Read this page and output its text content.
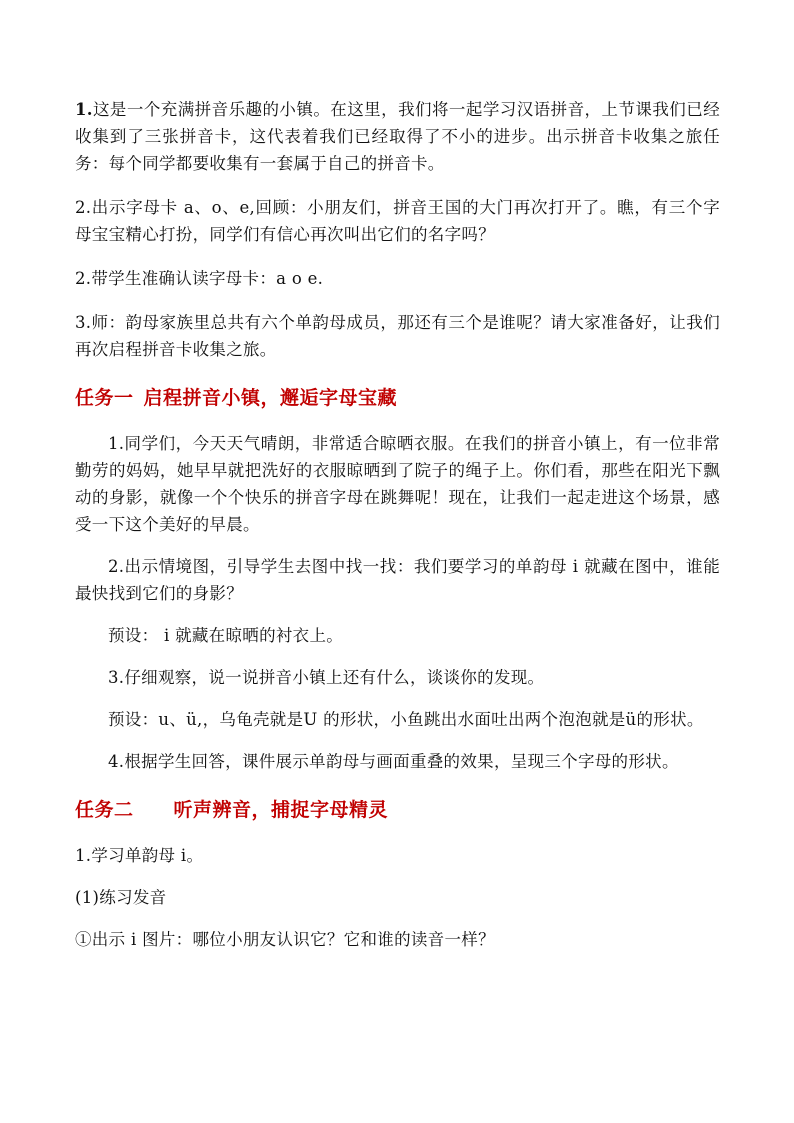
1.这是一个充满拼音乐趣的小镇。在这里，我们将一起学习汉语拼音，上节课我们已经收集到了三张拼音卡，这代表着我们已经取得了不小的进步。出示拼音卡收集之旅任务：每个同学都要收集有一套属于自己的拼音卡。

2.出示字母卡 a、o、e,回顾：小朋友们，拼音王国的大门再次打开了。瞧，有三个字母宝宝精心打扮，同学们有信心再次叫出它们的名字吗？

2.带学生准确认读字母卡：a o e.

3.师：韵母家族里总共有六个单韵母成员，那还有三个是谁呢？请大家准备好，让我们再次启程拼音卡收集之旅。

任务一 启程拼音小镇，邂逅字母宝藏

1.同学们，今天天气晴朗，非常适合晾晒衣服。在我们的拼音小镇上，有一位非常勤劳的妈妈，她早早就把洗好的衣服晾晒到了院子的绳子上。你们看，那些在阳光下飘动的身影，就像一个个快乐的拼音字母在跳舞呢！现在，让我们一起走进这个场景，感受一下这个美好的早晨。

2.出示情境图，引导学生去图中找一找：我们要学习的单韵母 i 就藏在图中，谁能最快找到它们的身影？

预设： i 就藏在晾晒的衬衣上。

3.仔细观察，说一说拼音小镇上还有什么，谈谈你的发现。

预设：u、ü,，乌龟壳就是U 的形状，小鱼跳出水面吐出两个泡泡就是ü的形状。

4.根据学生回答，课件展示单韵母与画面重叠的效果，呈现三个字母的形状。

任务二 听声辨音，捕捉字母精灵

1.学习单韵母 i。

(1)练习发音

①出示 i 图片：哪位小朋友认识它？它和谁的读音一样？
